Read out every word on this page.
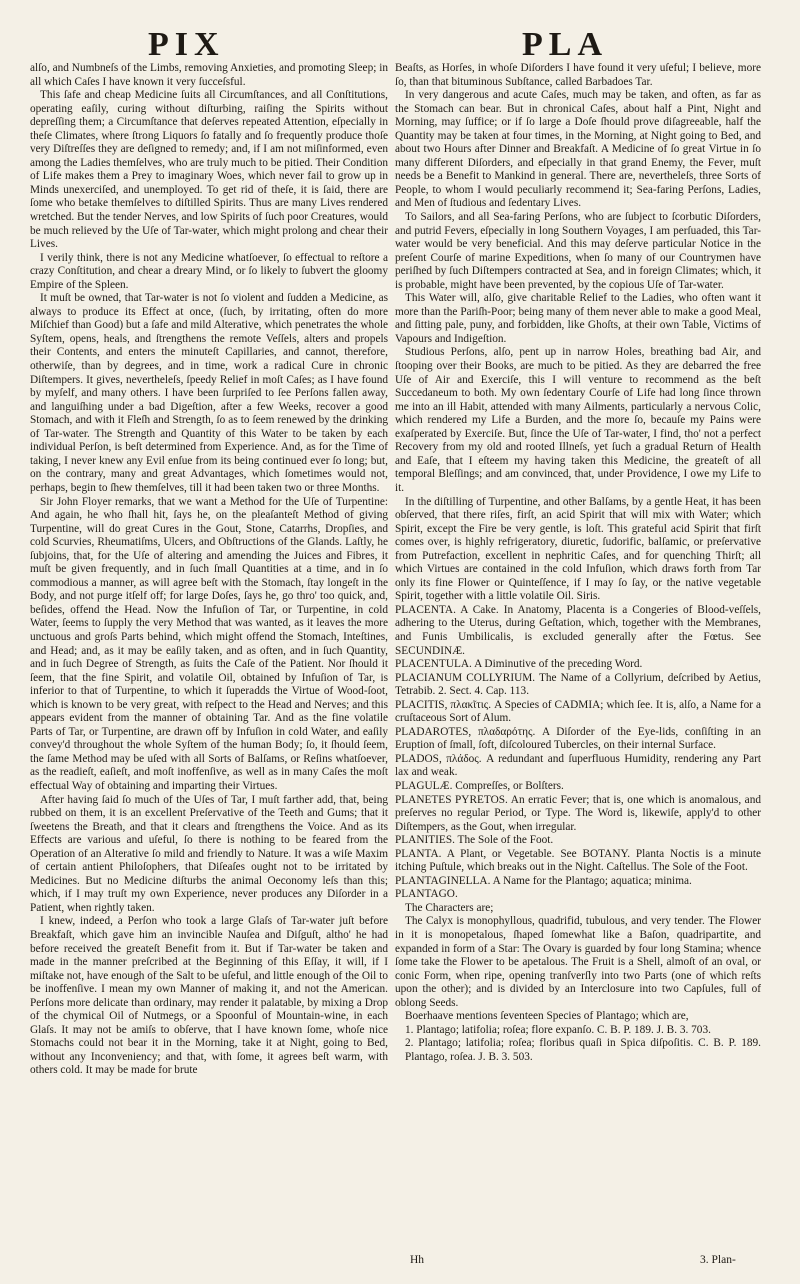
PIX	PLA

alſo, and Numbneſs of the Limbs, removing Anxieties, and promoting Sleep; in all which Caſes I have known it very ſucceſsful.

This ſafe and cheap Medicine ſuits all Circumſtances, and all Conſtitutions, operating eaſily, curing without diſturbing, raiſing the Spirits without depreſſing them; a Circumſtance that deſerves repeated Attention, eſpecially in theſe Climates, where ſtrong Liquors ſo fatally and ſo frequently produce thoſe very Diſtreſſes they are deſigned to remedy; and, if I am not miſinformed, even among the Ladies themſelves, who are truly much to be pitied. Their Condition of Life makes them a Prey to imaginary Woes, which never fail to grow up in Minds unexerciſed, and unemployed. To get rid of theſe, it is ſaid, there are ſome who betake themſelves to diſtilled Spirits. Thus are many Lives rendered wretched. But the tender Nerves, and low Spirits of ſuch poor Creatures, would be much relieved by the Uſe of Tar-water, which might prolong and chear their Lives.

I verily think, there is not any Medicine whatſoever, ſo effectual to reſtore a crazy Conſtitution, and chear a dreary Mind, or ſo likely to ſubvert the gloomy Empire of the Spleen.

It muſt be owned, that Tar-water is not ſo violent and ſudden a Medicine, as always to produce its Effect at once, (ſuch, by irritating, often do more Miſchief than Good) but a ſafe and mild Alterative, which penetrates the whole Syſtem, opens, heals, and ſtrengthens the remote Veſſels, alters and propels their Contents, and enters the minuteſt Capillaries, and cannot, therefore, otherwiſe, than by degrees, and in time, work a radical Cure in chronic Diſtempers. It gives, nevertheleſs, ſpeedy Relief in moſt Caſes; as I have found by myſelf, and many others. I have been ſurpriſed to ſee Perſons fallen away, and languiſhing under a bad Digeſtion, after a few Weeks, recover a good Stomach, and with it Fleſh and Strength, ſo as to ſeem renewed by the drinking of Tar-water. The Strength and Quantity of this Water to be taken by each individual Perſon, is beſt determined from Experience. And, as for the Time of taking, I never knew any Evil enſue from its being continued ever ſo long; but, on the contrary, many and great Advantages, which ſometimes would not, perhaps, begin to ſhew themſelves, till it had been taken two or three Months.

Sir John Floyer remarks, that we want a Method for the Uſe of Turpentine: And again, he who ſhall hit, ſays he, on the pleaſanteſt Method of giving Turpentine, will do great Cures in the Gout, Stone, Catarrhs, Dropſies, and cold Scurvies, Rheumatiſms, Ulcers, and Obſtructions of the Glands. Laſtly, he ſubjoins, that, for the Uſe of altering and amending the Juices and Fibres, it muſt be given frequently, and in ſuch ſmall Quantities at a time, and in ſo commodious a manner, as will agree beſt with the Stomach, ſtay longeſt in the Body, and not purge itſelf off; for large Doſes, ſays he, go thro' too quick, and, beſides, offend the Head. Now the Infuſion of Tar, or Turpentine, in cold Water, ſeems to ſupply the very Method that was wanted, as it leaves the more unctuous and groſs Parts behind, which might offend the Stomach, Inteſtines, and Head; and, as it may be eaſily taken, and as often, and in ſuch Quantity, and in ſuch Degree of Strength, as ſuits the Caſe of the Patient. Nor ſhould it ſeem, that the fine Spirit, and volatile Oil, obtained by Infuſion of Tar, is inferior to that of Turpentine, to which it ſuperadds the Virtue of Wood-ſoot, which is known to be very great, with reſpect to the Head and Nerves; and this appears evident from the manner of obtaining Tar. And as the fine volatile Parts of Tar, or Turpentine, are drawn off by Infuſion in cold Water, and eaſily convey'd throughout the whole Syſtem of the human Body; ſo, it ſhould ſeem, the ſame Method may be uſed with all Sorts of Balſams, or Reſins whatſoever, as the readieſt, eaſieſt, and moſt inoffenſive, as well as in many Caſes the moſt effectual Way of obtaining and imparting their Virtues.

After having ſaid ſo much of the Uſes of Tar, I muſt farther add, that, being rubbed on them, it is an excellent Preſervative of the Teeth and Gums; that it ſweetens the Breath, and that it clears and ſtrengthens the Voice. And as its Effects are various and uſeful, ſo there is nothing to be feared from the Operation of an Alterative ſo mild and friendly to Nature. It was a wiſe Maxim of certain antient Philoſophers, that Diſeaſes ought not to be irritated by Medicines. But no Medicine diſturbs the animal Oeconomy leſs than this; which, if I may truſt my own Experience, never produces any Diſorder in a Patient, when rightly taken.

I knew, indeed, a Perſon who took a large Glaſs of Tar-water juſt before Breakfaſt, which gave him an invincible Nauſea and Diſguſt, altho' he had before received the greateſt Benefit from it. But if Tar-water be taken and made in the manner preſcribed at the Beginning of this Eſſay, it will, if I miſtake not, have enough of the Salt to be uſeful, and little enough of the Oil to be inoffenſive. I mean my own Manner of making it, and not the American. Perſons more delicate than ordinary, may render it palatable, by mixing a Drop of the chymical Oil of Nutmegs, or a Spoonful of Mountain-wine, in each Glaſs. It may not be amiſs to obſerve, that I have known ſome, whoſe nice Stomachs could not bear it in the Morning, take it at Night, going to Bed, without any Inconveniency; and that, with ſome, it agrees beſt warm, with others cold. It may be made for brute

Beaſts, as Horſes, in whoſe Diſorders I have found it very uſeful; I believe, more ſo, than that bituminous Subſtance, called Barbadoes Tar.

In very dangerous and acute Caſes, much may be taken, and often, as far as the Stomach can bear. But in chronical Caſes, about half a Pint, Night and Morning, may ſuffice; or if ſo large a Doſe ſhould prove diſagreeable, half the Quantity may be taken at four times, in the Morning, at Night going to Bed, and about two Hours after Dinner and Breakfaſt. A Medicine of ſo great Virtue in ſo many different Diſorders, and eſpecially in that grand Enemy, the Fever, muſt needs be a Benefit to Mankind in general. There are, nevertheleſs, three Sorts of People, to whom I would peculiarly recommend it; Sea-faring Perſons, Ladies, and Men of ſtudious and ſedentary Lives.

To Sailors, and all Sea-faring Perſons, who are ſubject to ſcorbutic Diſorders, and putrid Fevers, eſpecially in long Southern Voyages, I am perſuaded, this Tar-water would be very beneficial. And this may deſerve particular Notice in the preſent Courſe of marine Expeditions, when ſo many of our Countrymen have periſhed by ſuch Diſtempers contracted at Sea, and in foreign Climates; which, it is probable, might have been prevented, by the copious Uſe of Tar-water.

This Water will, alſo, give charitable Relief to the Ladies, who often want it more than the Pariſh-Poor; being many of them never able to make a good Meal, and ſitting pale, puny, and forbidden, like Ghoſts, at their own Table, Victims of Vapours and Indigeſtion.

Studious Perſons, alſo, pent up in narrow Holes, breathing bad Air, and ſtooping over their Books, are much to be pitied. As they are debarred the free Uſe of Air and Exerciſe, this I will venture to recommend as the beſt Succedaneum to both. My own ſedentary Courſe of Life had long ſince thrown me into an ill Habit, attended with many Ailments, particularly a nervous Colic, which rendered my Life a Burden, and the more ſo, becauſe my Pains were exaſperated by Exerciſe. But, ſince the Uſe of Tar-water, I find, tho' not a perfect Recovery from my old and rooted Illneſs, yet ſuch a gradual Return of Health and Eaſe, that I eſteem my having taken this Medicine, the greateſt of all temporal Bleſſings; and am convinced, that, under Providence, I owe my Life to it.

In the diſtilling of Turpentine, and other Balſams, by a gentle Heat, it has been obſerved, that there riſes, firſt, an acid Spirit that will mix with Water; which Spirit, except the Fire be very gentle, is loſt. This grateful acid Spirit that firſt comes over, is highly refrigeratory, diuretic, ſudorific, balſamic, or preſervative from Putrefaction, excellent in nephritic Caſes, and for quenching Thirſt; all which Virtues are contained in the cold Infuſion, which draws forth from Tar only its fine Flower or Quinteſſence, if I may ſo ſay, or the native vegetable Spirit, together with a little volatile Oil. Siris.

PLACENTA. A Cake. In Anatomy, Placenta is a Congeries of Blood-veſſels, adhering to the Uterus, during Geſtation, which, together with the Membranes, and Funis Umbilicalis, is excluded generally after the Fœtus. See SECUNDINÆ.

PLACENTULA. A Diminutive of the preceding Word.

PLACIANUM COLLYRIUM. The Name of a Collyrium, deſcribed by Aetius, Tetrabib. 2. Sect. 4. Cap. 113.

PLACITIS, πλακῖτις. A Species of CADMIA; which ſee. It is, alſo, a Name for a cruſtaceous Sort of Alum.

PLADAROTES, πλαδαρότης. A Diſorder of the Eye-lids, conſiſting in an Eruption of ſmall, ſoft, diſcoloured Tubercles, on their internal Surface.

PLADOS, πλάδος. A redundant and ſuperfluous Humidity, rendering any Part lax and weak.

PLAGULÆ. Compreſſes, or Bolſters.

PLANETES PYRETOS. An erratic Fever; that is, one which is anomalous, and preſerves no regular Period, or Type. The Word is, likewiſe, apply'd to other Diſtempers, as the Gout, when irregular.

PLANITIES. The Sole of the Foot.

PLANTA. A Plant, or Vegetable. See BOTANY. Planta Noctis is a minute itching Puſtule, which breaks out in the Night. Caſtellus. The Sole of the Foot.

PLANTAGINELLA. A Name for the Plantago; aquatica; minima.

PLANTAGO.

The Characters are;

The Calyx is monophyllous, quadrifid, tubulous, and very tender. The Flower in it is monopetalous, ſhaped ſomewhat like a Baſon, quadripartite, and expanded in form of a Star: The Ovary is guarded by four long Stamina; whence ſome take the Flower to be apetalous. The Fruit is a Shell, almoſt of an oval, or conic Form, when ripe, opening tranſverſly into two Parts (one of which reſts upon the other); and is divided by an Interclosure into two Capſules, full of oblong Seeds.

Boerhaave mentions ſeventeen Species of Plantago; which are,

1. Plantago; latifolia; roſea; flore expanſo. C. B. P. 189. J. B. 3. 703.

2. Plantago; latifolia; roſea; floribus quaſi in Spica diſpoſitis. C. B. P. 189. Plantago, roſea. J. B. 3. 503.

Hh	3. Plan-
